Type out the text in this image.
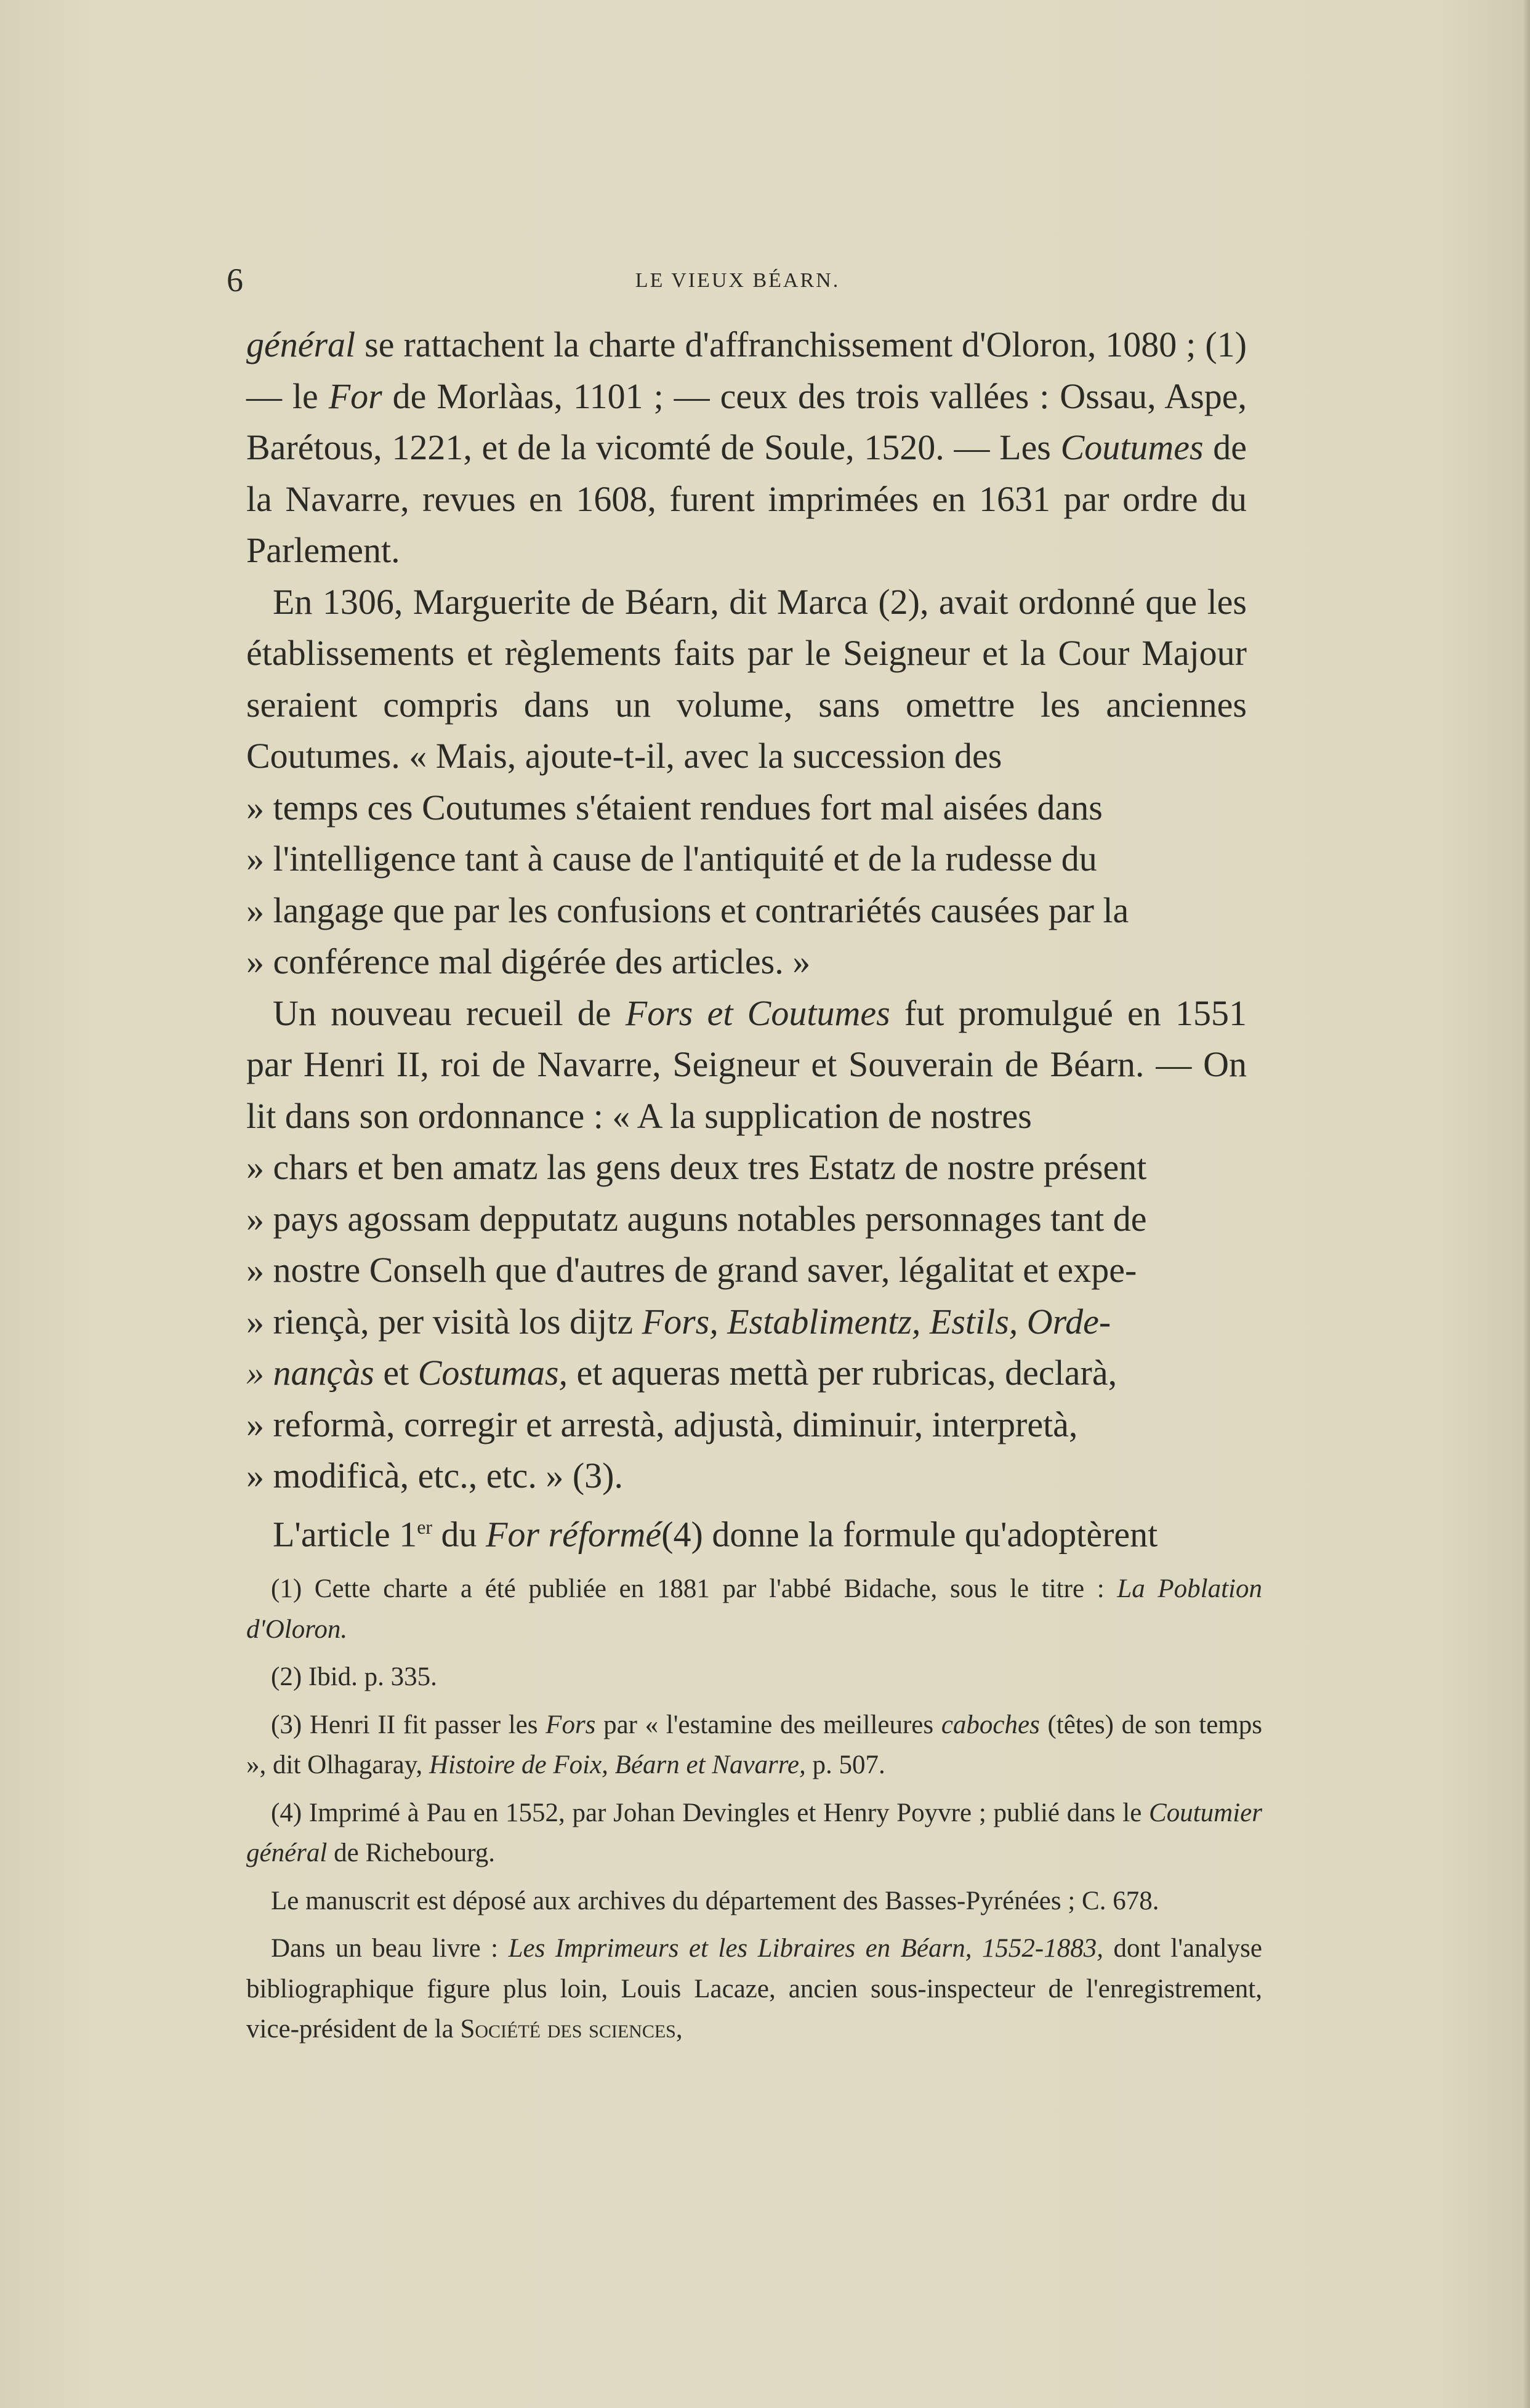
6	LE VIEUX BÉARN.

général se rattachent la charte d'affranchissement d'Oloron, 1080 ; (1) — le For de Morlàas, 1101 ; — ceux des trois vallées : Ossau, Aspe, Barétous, 1221, et de la vicomté de Soule, 1520. — Les Coutumes de la Navarre, revues en 1608, furent imprimées en 1631 par ordre du Parlement.

En 1306, Marguerite de Béarn, dit Marca (2), avait ordonné que les établissements et règlements faits par le Seigneur et la Cour Majour seraient compris dans un volume, sans omettre les anciennes Coutumes. « Mais, ajoute-t-il, avec la succession des

» temps ces Coutumes s'étaient rendues fort mal aisées dans

» l'intelligence tant à cause de l'antiquité et de la rudesse du

» langage que par les confusions et contrariétés causées par la

» conférence mal digérée des articles. »

Un nouveau recueil de Fors et Coutumes fut promulgué en 1551 par Henri II, roi de Navarre, Seigneur et Souverain de Béarn. — On lit dans son ordonnance : « A la supplication de nostres

» chars et ben amatz las gens deux tres Estatz de nostre présent

» pays agossam depputatz auguns notables personnages tant de

» nostre Conselh que d'autres de grand saver, légalitat et expe-

» riençà, per visità los dijtz Fors, Establimentz, Estils, Orde-

» nançàs et Costumas, et aqueras mettà per rubricas, declarà,

» reformà, corregir et arrestà, adjustà, diminuir, interpretà,

» modificà, etc., etc. » (3).

L'article 1er du For réformé(4) donne la formule qu'adoptèrent

(1) Cette charte a été publiée en 1881 par l'abbé Bidache, sous le titre : La Poblation d'Oloron.

(2) Ibid. p. 335.

(3) Henri II fit passer les Fors par « l'estamine des meilleures caboches (têtes) de son temps », dit Olhagaray, Histoire de Foix, Béarn et Navarre, p. 507.

(4) Imprimé à Pau en 1552, par Johan Devingles et Henry Poyvre ; publié dans le Coutumier général de Richebourg.

Le manuscrit est déposé aux archives du département des Basses-Pyrénées ; C. 678.

Dans un beau livre : Les Imprimeurs et les Libraires en Béarn, 1552-1883, dont l'analyse bibliographique figure plus loin, Louis Lacaze, ancien sous-inspecteur de l'enregistrement, vice-président de la Société des sciences,
